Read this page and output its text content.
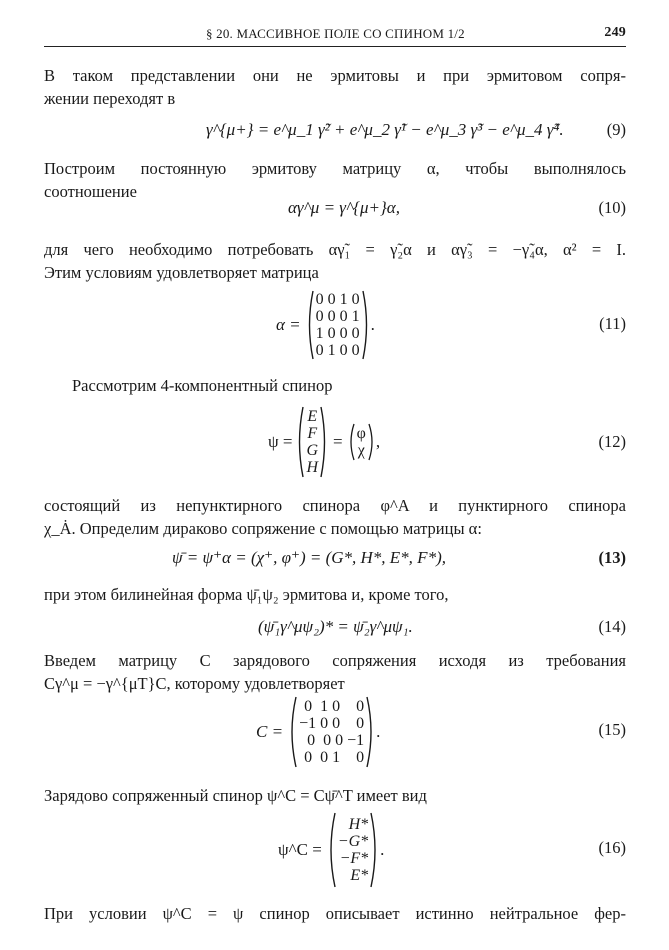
§ 20. МАССИВНОЕ ПОЛЕ СО СПИНОМ 1/2	249
В таком представлении они не эрмитовы и при эрмитовом сопря-
жении переходят в
γ^{μ+} = e^μ_1 γ̃² + e^μ_2 γ̃¹ − e^μ_3 γ̃³ − e^μ_4 γ̃⁴.	(9)
Построим постоянную эрмитову матрицу α, чтобы выполнялось
соотношение
αγ^μ = γ^{μ+}α,	(10)
для чего необходимо потребовать αγ̃₁ = γ̃₂α и αγ̃₃ = −γ̃₄α, α² = I.
Этим условиям удовлетворяет матрица
α =
0 0 1 0
0 0 0 1
1 0 0 0
0 1 0 0
.	(11)
Рассмотрим 4-компонентный спинор
ψ =
E
F
G
H
= φ
χ ,	(12)
состоящий из непунктирного спинора φ^A и пунктирного спинора
χ_Ȧ. Определим дираково сопряжение с помощью матрицы α:
ψ̄ = ψ⁺α = (χ⁺, φ⁺) = (G*, H*, E*, F*),	(13)
при этом билинейная форма ψ̄₁ψ₂ эрмитова и, кроме того,
(ψ̄₁γ^μψ₂)* = ψ̄₂γ^μψ₁.	(14)
Введем матрицу C зарядового сопряжения исходя из требования
Cγ^μ = −γ^{μT}C, которому удовлетворяет
C =
0  1 0    0
−1 0 0    0
0  0 0 −1
0  0 1    0
.	(15)
Зарядово сопряженный спинор ψ^C = Cψ̄^T имеет вид
ψ^C =
H*
−G*
−F*
E*
.	(16)
При условии ψ^C = ψ спинор описывает истинно нейтральное фер-
